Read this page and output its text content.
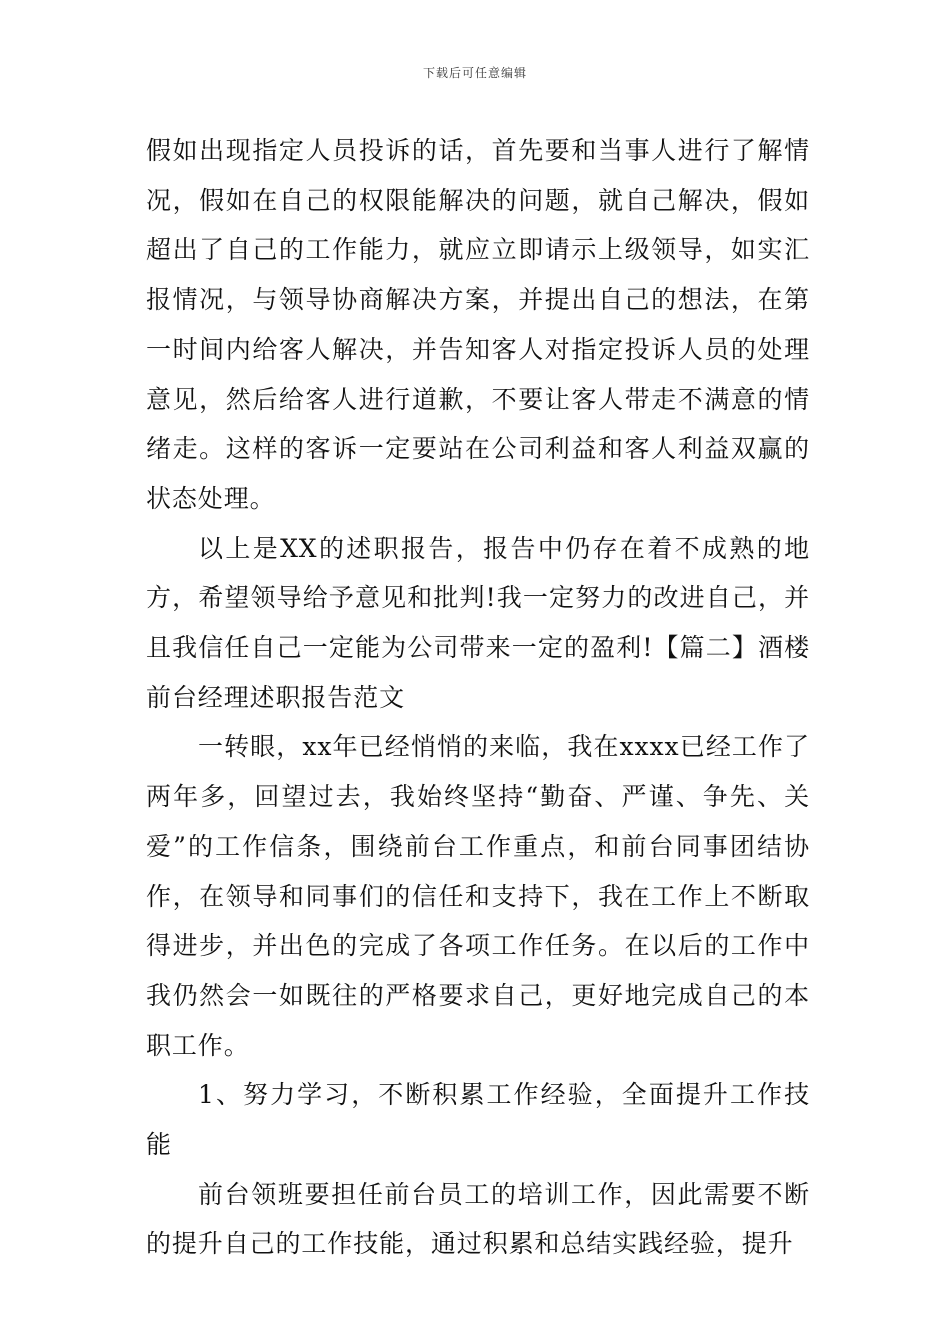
下载后可任意编辑

假如出现指定人员投诉的话，首先要和当事人进行了解情况，假如在自己的权限能解决的问题，就自己解决，假如超出了自己的工作能力，就应立即请示上级领导，如实汇报情况，与领导协商解决方案，并提出自己的想法，在第一时间内给客人解决，并告知客人对指定投诉人员的处理意见，然后给客人进行道歉，不要让客人带走不满意的情绪走。这样的客诉一定要站在公司利益和客人利益双赢的状态处理。

以上是XX的述职报告，报告中仍存在着不成熟的地方，希望领导给予意见和批判!我一定努力的改进自己，并且我信任自己一定能为公司带来一定的盈利!【篇二】酒楼前台经理述职报告范文

一转眼，xx年已经悄悄的来临，我在xxxx已经工作了两年多，回望过去，我始终坚持“勤奋、严谨、争先、关爱”的工作信条，围绕前台工作重点，和前台同事团结协作，在领导和同事们的信任和支持下，我在工作上不断取得进步，并出色的完成了各项工作任务。在以后的工作中我仍然会一如既往的严格要求自己，更好地完成自己的本职工作。

1、努力学习，不断积累工作经验，全面提升工作技能

前台领班要担任前台员工的培训工作，因此需要不断的提升自己的工作技能，通过积累和总结实践经验，提升
